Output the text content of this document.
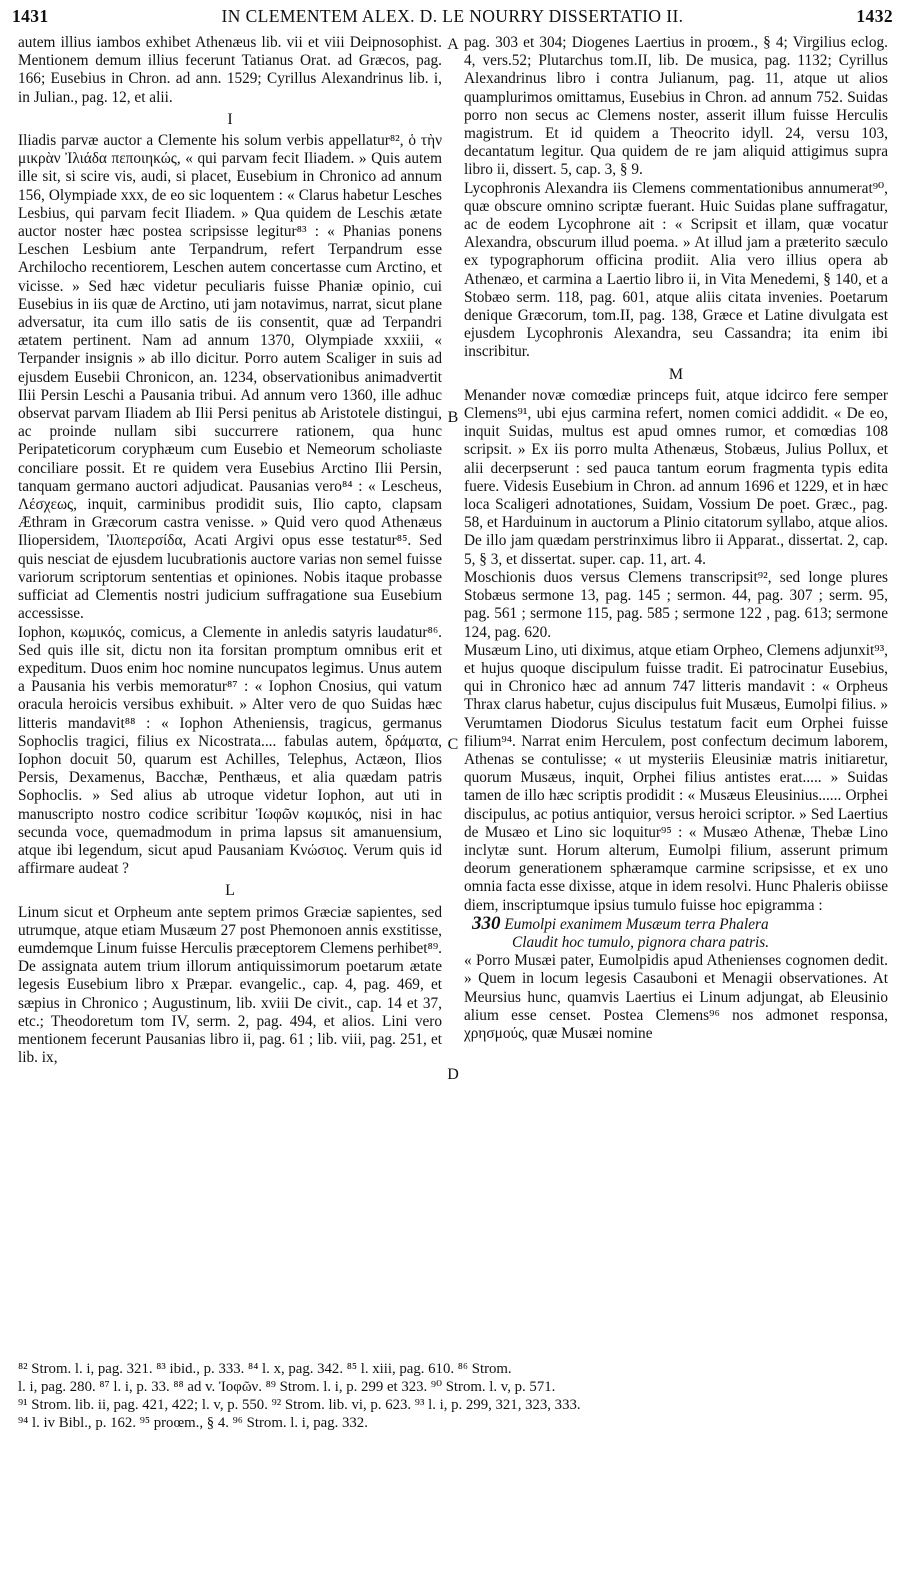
1431	IN CLEMENTEM ALEX. D. LE NOURRY DISSERTATIO II.	1432
A
B
C
D

autem illius iambos exhibet Athenæus lib. vii et viii Deipnosophist. Mentionem demum illius fecerunt Tatianus Orat. ad Græcos, pag. 166; Eusebius in Chron. ad ann. 1529; Cyrillus Alexandrinus lib. i, in Julian., pag. 12, et alii.

I

Iliadis parvæ auctor a Clemente his solum verbis appellatur⁸², ὁ τὴν μικρὰν Ἰλιάδα πεποιηκώς, « qui parvam fecit Iliadem. » Quis autem ille sit, si scire vis, audi, si placet, Eusebium in Chronico ad annum 156, Olympiade xxx, de eo sic loquentem : « Clarus habetur Lesches Lesbius, qui parvam fecit Iliadem. » Qua quidem de Leschis ætate auctor noster hæc postea scripsisse legitur⁸³ : « Phanias ponens Leschen Lesbium ante Terpandrum, refert Terpandrum esse Archilocho recentiorem, Leschen autem concertasse cum Arctino, et vicisse. » Sed hæc videtur peculiaris fuisse Phaniæ opinio, cui Eusebius in iis quæ de Arctino, uti jam notavimus, narrat, sicut plane adversatur, ita cum illo satis de iis consentit, quæ ad Terpandri ætatem pertinent. Nam ad annum 1370, Olympiade xxxiii, « Terpander insignis » ab illo dicitur. Porro autem Scaliger in suis ad ejusdem Eusebii Chronicon, an. 1234, observationibus animadvertit Ilii Persin Leschi a Pausania tribui. Ad annum vero 1360, ille adhuc observat parvam Iliadem ab Ilii Persi penitus ab Aristotele distingui, ac proinde nullam sibi succurrere rationem, qua hunc Peripateticorum coryphæum cum Eusebio et Nemeorum scholiaste conciliare possit. Et re quidem vera Eusebius Arctino Ilii Persin, tanquam germano auctori adjudicat. Pausanias vero⁸⁴ : « Lescheus, Λέσχεως, inquit, carminibus prodidit suis, Ilio capto, clapsam Æthram in Græcorum castra venisse. » Quid vero quod Athenæus Iliopersidem, Ἰλιοπερσίδα, Acati Argivi opus esse testatur⁸⁵. Sed quis nesciat de ejusdem lucubrationis auctore varias non semel fuisse variorum scriptorum sententias et opiniones. Nobis itaque probasse sufficiat ad Clementis nostri judicium suffragatione sua Eusebium accessisse.

Iophon, κωμικός, comicus, a Clemente in anledis satyris laudatur⁸⁶. Sed quis ille sit, dictu non ita forsitan promptum omnibus erit et expeditum. Duos enim hoc nomine nuncupatos legimus. Unus autem a Pausania his verbis memoratur⁸⁷ : « Iophon Cnosius, qui vatum oracula heroicis versibus exhibuit. » Alter vero de quo Suidas hæc litteris mandavit⁸⁸ : « Iophon Atheniensis, tragicus, germanus Sophoclis tragici, filius ex Nicostrata.... fabulas autem, δράματα, Iophon docuit 50, quarum est Achilles, Telephus, Actæon, Ilios Persis, Dexamenus, Bacchæ, Penthæus, et alia quædam patris Sophoclis. » Sed alius ab utroque videtur Iophon, aut uti in manuscripto nostro codice scribitur Ἰωφῶν κωμικός, nisi in hac secunda voce, quemadmodum in prima lapsus sit amanuensium, atque ibi legendum, sicut apud Pausaniam Κνώσιος. Verum quis id affirmare audeat ?

L

Linum sicut et Orpheum ante septem primos Græciæ sapientes, sed utrumque, atque etiam Musæum 27 post Phemonoen annis exstitisse, eumdemque Linum fuisse Herculis præceptorem Clemens perhibet⁸⁹. De assignata autem trium illorum antiquissimorum poetarum ætate legesis Eusebium libro x Præpar. evangelic., cap. 4, pag. 469, et sæpius in Chronico ; Augustinum, lib. xviii De civit., cap. 14 et 37, etc.; Theodoretum tom IV, serm. 2, pag. 494, et alios. Lini vero mentionem fecerunt Pausanias libro ii, pag. 61 ; lib. viii, pag. 251, et lib. ix,

pag. 303 et 304; Diogenes Laertius in proœm., § 4; Virgilius eclog. 4, vers.52; Plutarchus tom.II, lib. De musica, pag. 1132; Cyrillus Alexandrinus libro i contra Julianum, pag. 11, atque ut alios quamplurimos omittamus, Eusebius in Chron. ad annum 752. Suidas porro non secus ac Clemens noster, asserit illum fuisse Herculis magistrum. Et id quidem a Theocrito idyll. 24, versu 103, decantatum legitur. Qua quidem de re jam aliquid attigimus supra libro ii, dissert. 5, cap. 3, § 9.

Lycophronis Alexandra iis Clemens commentationibus annumerat⁹⁰, quæ obscure omnino scriptæ fuerant. Huic Suidas plane suffragatur, ac de eodem Lycophrone ait : « Scripsit et illam, quæ vocatur Alexandra, obscurum illud poema. » At illud jam a præterito sæculo ex typographorum officina prodiit. Alia vero illius opera ab Athenæo, et carmina a Laertio libro ii, in Vita Menedemi, § 140, et a Stobæo serm. 118, pag. 601, atque aliis citata invenies. Poetarum denique Græcorum, tom.II, pag. 138, Græce et Latine divulgata est ejusdem Lycophronis Alexandra, seu Cassandra; ita enim ibi inscribitur.

M

Menander novæ comœdiæ princeps fuit, atque idcirco fere semper Clemens⁹¹, ubi ejus carmina refert, nomen comici addidit. « De eo, inquit Suidas, multus est apud omnes rumor, et comœdias 108 scripsit. » Ex iis porro multa Athenæus, Stobæus, Julius Pollux, et alii decerpserunt : sed pauca tantum eorum fragmenta typis edita fuere. Videsis Eusebium in Chron. ad annum 1696 et 1229, et in hæc loca Scaligeri adnotationes, Suidam, Vossium De poet. Græc., pag. 58, et Harduinum in auctorum a Plinio citatorum syllabo, atque alios. De illo jam quædam perstrinximus libro ii Apparat., dissertat. 2, cap. 5, § 3, et dissertat. super. cap. 11, art. 4.

Moschionis duos versus Clemens transcripsit⁹², sed longe plures Stobæus sermone 13, pag. 145 ; sermon. 44, pag. 307 ; serm. 95, pag. 561 ; sermone 115, pag. 585 ; sermone 122 , pag. 613; sermone 124, pag. 620.

Musæum Lino, uti diximus, atque etiam Orpheo, Clemens adjunxit⁹³, et hujus quoque discipulum fuisse tradit. Ei patrocinatur Eusebius, qui in Chronico hæc ad annum 747 litteris mandavit : « Orpheus Thrax clarus habetur, cujus discipulus fuit Musæus, Eumolpi filius. » Verumtamen Diodorus Siculus testatum facit eum Orphei fuisse filium⁹⁴. Narrat enim Herculem, post confectum decimum laborem, Athenas se contulisse; « ut mysteriis Eleusiniæ matris initiaretur, quorum Musæus, inquit, Orphei filius antistes erat..... » Suidas tamen de illo hæc scriptis prodidit : « Musæus Eleusinius...... Orphei discipulus, ac potius antiquior, versus heroici scriptor. » Sed Laertius de Musæo et Lino sic loquitur⁹⁵ : « Musæo Athenæ, Thebæ Lino inclytæ sunt. Horum alterum, Eumolpi filium, asserunt primum deorum generationem sphæramque carmine scripsisse, et ex uno omnia facta esse dixisse, atque in idem resolvi. Hunc Phaleris obiisse diem, inscriptumque ipsius tumulo fuisse hoc epigramma :

330 Eumolpi exanimem Musæum terra Phalera

Claudit hoc tumulo, pignora chara patris.

« Porro Musæi pater, Eumolpidis apud Athenienses cognomen dedit. » Quem in locum legesis Casauboni et Menagii observationes. At Meursius hunc, quamvis Laertius ei Linum adjungat, ab Eleusinio alium esse censet. Postea Clemens⁹⁶ nos admonet responsa, χρησμούς, quæ Musæi nomine

⁸² Strom. l. i, pag. 321. ⁸³ ibid., p. 333. ⁸⁴ l. x, pag. 342. ⁸⁵ l. xiii, pag. 610. ⁸⁶ Strom.
l. i, pag. 280. ⁸⁷ l. i, p. 33. ⁸⁸ ad v. Ἰοφῶν. ⁸⁹ Strom. l. i, p. 299 et 323. ⁹⁰ Strom. l. v, p. 571.
⁹¹ Strom. lib. ii, pag. 421, 422; l. v, p. 550. ⁹² Strom. lib. vi, p. 623. ⁹³ l. i, p. 299, 321, 323, 333.
⁹⁴ l. iv Bibl., p. 162. ⁹⁵ proœm., § 4. ⁹⁶ Strom. l. i, pag. 332.
